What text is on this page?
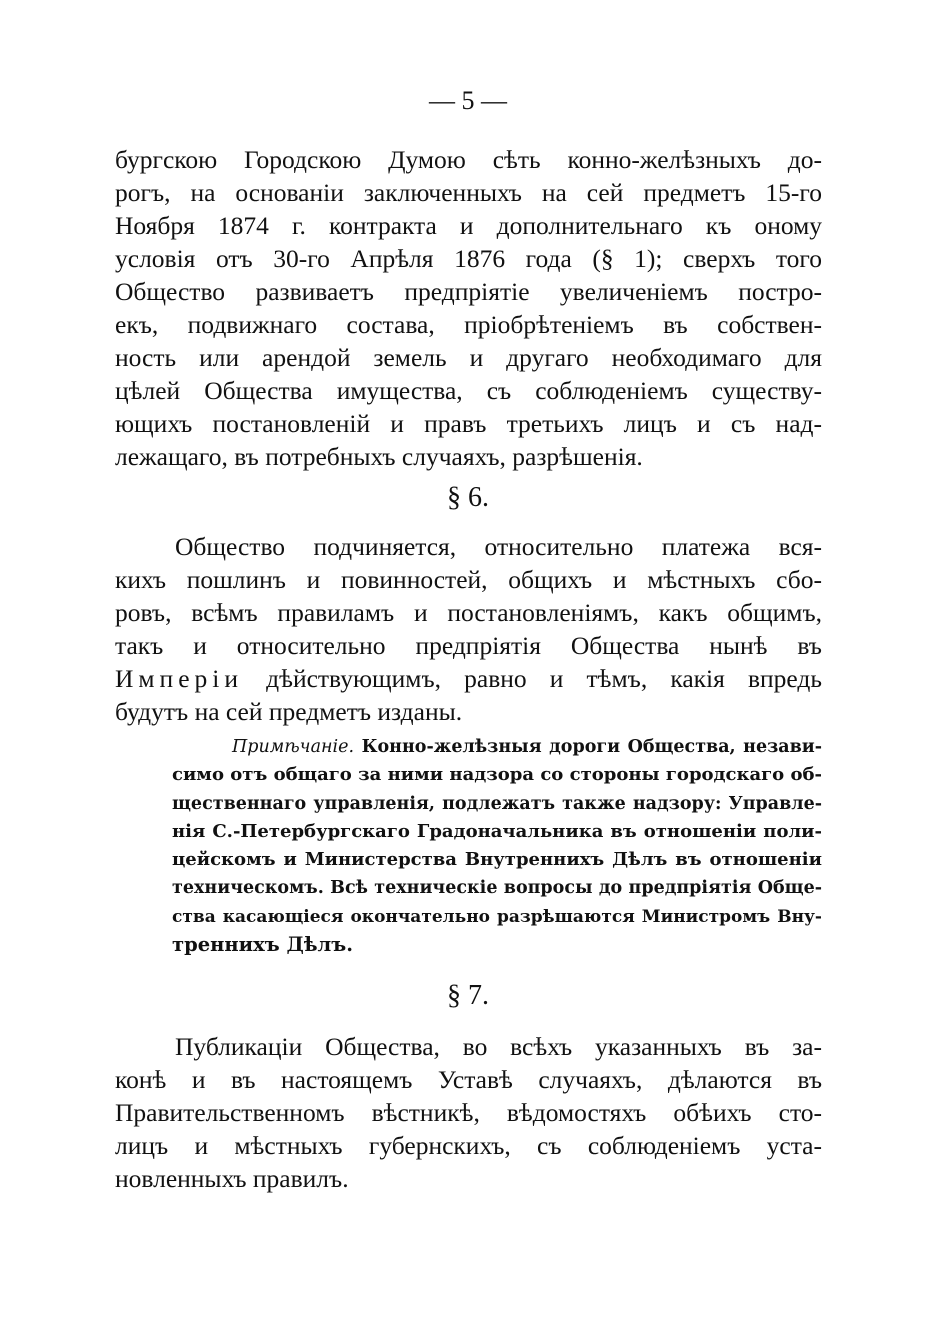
— 5 —
бургскою Городскою Думою сѣть конно-желѣзныхъ до-
рогъ, на основаніи заключенныхъ на сей предметъ 15-го
Ноября 1874 г. контракта и дополнительнаго къ оному
условія отъ 30-го Апрѣля 1876 года (§ 1); сверхъ того
Общество развиваетъ предпріятіе увеличеніемъ постро-
екъ, подвижнаго состава, пріобрѣтеніемъ въ собствен-
ность или арендой земель и другаго необходимаго для
цѣлей Общества имущества, съ соблюденіемъ существу-
ющихъ постановленій и правъ третьихъ лицъ и съ над-
лежащаго, въ потребныхъ случаяхъ, разрѣшенія.
§ 6.
Общество подчиняется, относительно платежа вся-
кихъ пошлинъ и повинностей, общихъ и мѣстныхъ сбо-
ровъ, всѣмъ правиламъ и постановленіямъ, какъ общимъ,
такъ и относительно предпріятія Общества нынѣ въ
Имперіи дѣйствующимъ, равно и тѣмъ, какія впредь
будутъ на сей предметъ изданы.
Примѣчаніе. Конно-желѣзныя дороги Общества, незави-
симо отъ общаго за ними надзора со стороны городскаго об-
щественнаго управленія, подлежатъ также надзору: Управле-
нія С.-Петербургскаго Градоначальника въ отношеніи поли-
цейскомъ и Министерства Внутреннихъ Дѣлъ въ отношеніи
техническомъ. Всѣ техническіе вопросы до предпріятія Обще-
ства касающіеся окончательно разрѣшаются Министромъ Вну-
треннихъ Дѣлъ.
§ 7.
Публикаціи Общества, во всѣхъ указанныхъ въ за-
конѣ и въ настоящемъ Уставѣ случаяхъ, дѣлаются въ
Правительственномъ вѣстникѣ, вѣдомостяхъ обѣихъ сто-
лицъ и мѣстныхъ губернскихъ, съ соблюденіемъ уста-
новленныхъ правилъ.
